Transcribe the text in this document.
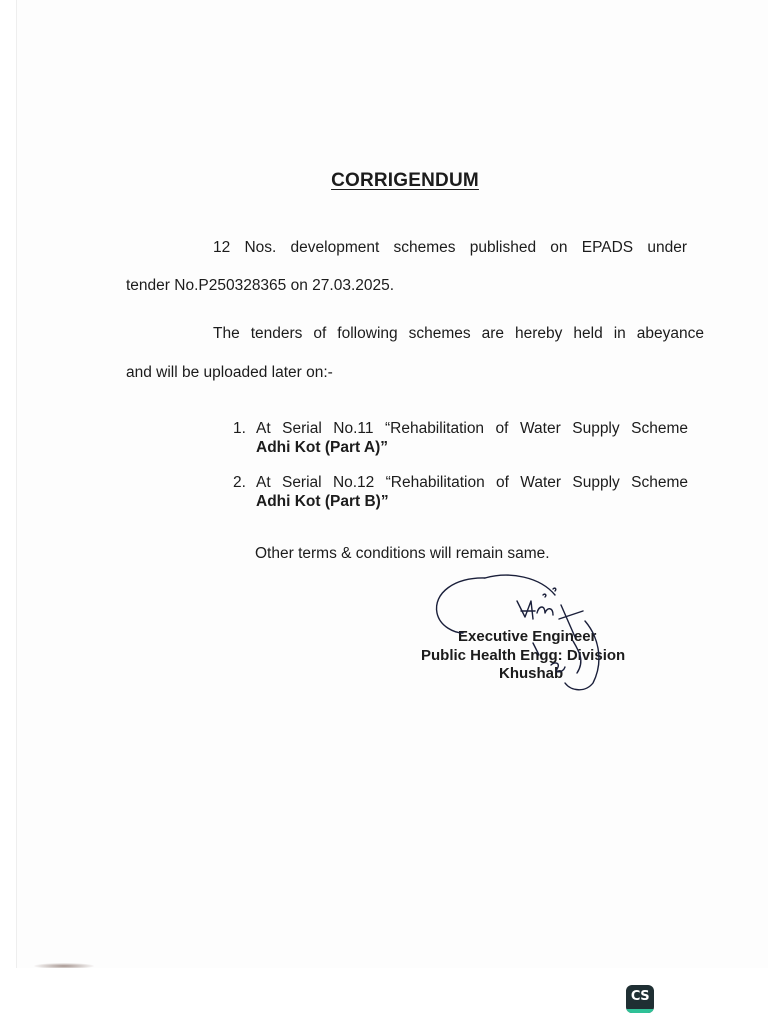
CORRIGENDUM
12 Nos. development schemes published on EPADS under
tender No.P250328365 on 27.03.2025.
The tenders of following schemes are hereby held in abeyance
and will be uploaded later on:-
1. At Serial No.11 “Rehabilitation of Water Supply Scheme
Adhi Kot (Part A)”
2. At Serial No.12 “Rehabilitation of Water Supply Scheme
Adhi Kot (Part B)”
Other terms & conditions will remain same.
Executive Engineer
Public Health Engg: Division
Khushab
CS
